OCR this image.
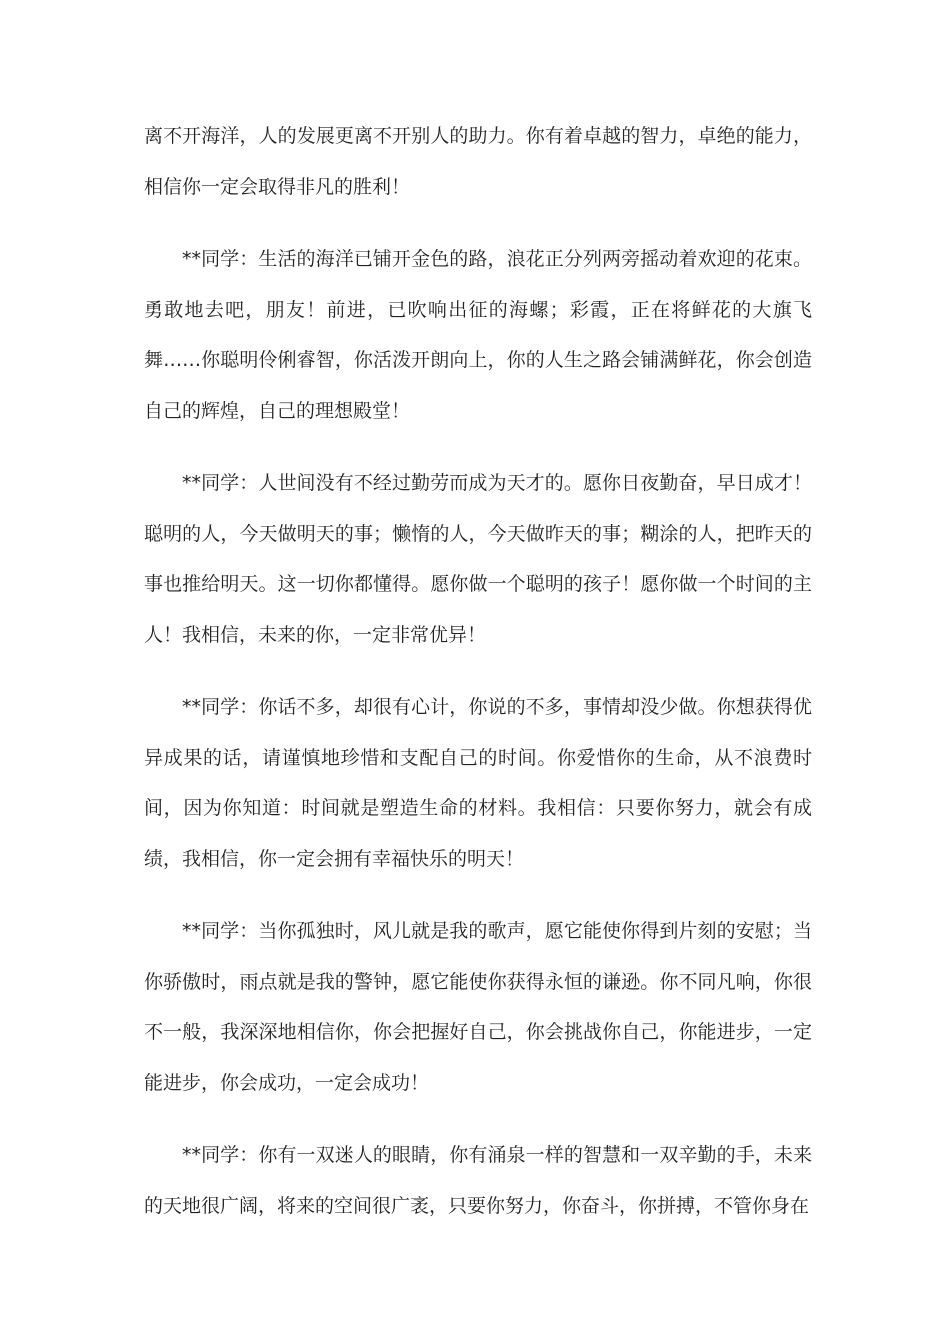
离不开海洋，人的发展更离不开别人的助力。你有着卓越的智力，卓绝的能力，相信你一定会取得非凡的胜利！

**同学：生活的海洋已铺开金色的路，浪花正分列两旁摇动着欢迎的花束。勇敢地去吧，朋友！前进，已吹响出征的海螺；彩霞，正在将鲜花的大旗飞舞……你聪明伶俐睿智，你活泼开朗向上，你的人生之路会铺满鲜花，你会创造自己的辉煌，自己的理想殿堂！

**同学：人世间没有不经过勤劳而成为天才的。愿你日夜勤奋，早日成才！聪明的人，今天做明天的事；懒惰的人，今天做昨天的事；糊涂的人，把昨天的事也推给明天。这一切你都懂得。愿你做一个聪明的孩子！愿你做一个时间的主人！我相信，未来的你，一定非常优异！

**同学：你话不多，却很有心计，你说的不多，事情却没少做。你想获得优异成果的话，请谨慎地珍惜和支配自己的时间。你爱惜你的生命，从不浪费时间，因为你知道：时间就是塑造生命的材料。我相信：只要你努力，就会有成绩，我相信，你一定会拥有幸福快乐的明天！

**同学：当你孤独时，风儿就是我的歌声，愿它能使你得到片刻的安慰；当你骄傲时，雨点就是我的警钟，愿它能使你获得永恒的谦逊。你不同凡响，你很不一般，我深深地相信你，你会把握好自己，你会挑战你自己，你能进步，一定能进步，你会成功，一定会成功！

**同学：你有一双迷人的眼睛，你有涌泉一样的智慧和一双辛勤的手，未来的天地很广阔，将来的空间很广袤，只要你努力，你奋斗，你拼搏，不管你身在
